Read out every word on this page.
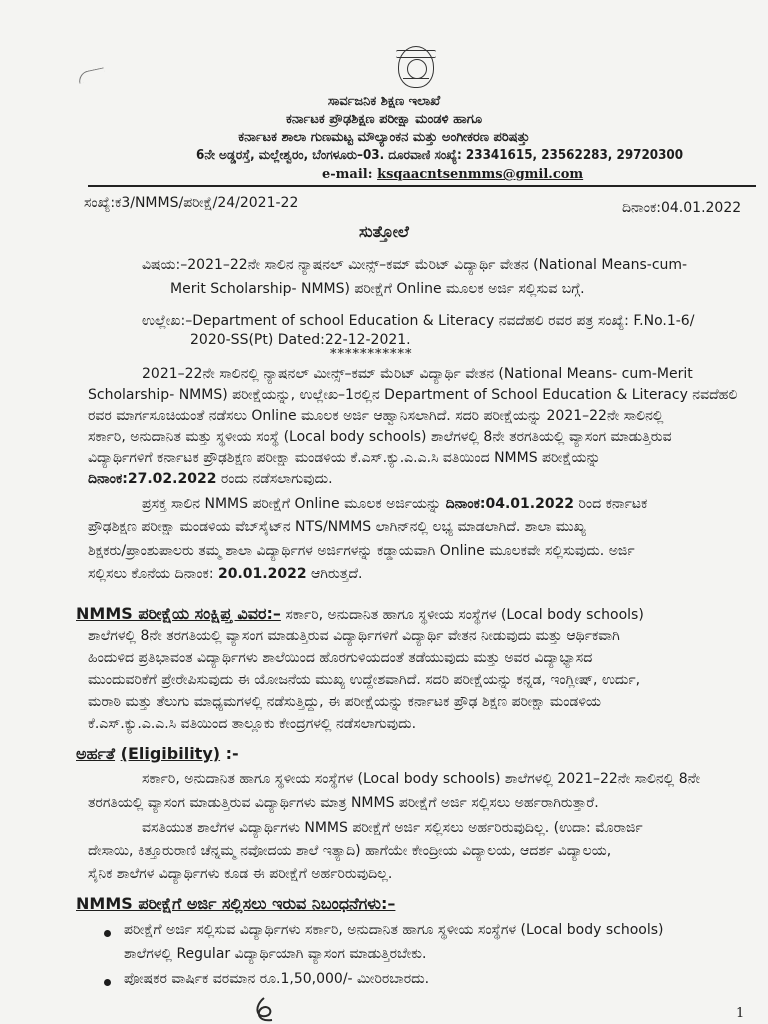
ಸಾರ್ವಜನಿಕ ಶಿಕ್ಷಣ ಇಲಾಖೆ
ಕರ್ನಾಟಕ ಪ್ರೌಢಶಿಕ್ಷಣ ಪರೀಕ್ಷಾ ಮಂಡಳಿ ಹಾಗೂ
ಕರ್ನಾಟಕ ಶಾಲಾ ಗುಣಮಟ್ಟ ಮೌಲ್ಯಾಂಕನ ಮತ್ತು ಅಂಗೀಕರಣ ಪರಿಷತ್ತು
6ನೇ ಅಡ್ಡರಸ್ತೆ, ಮಲ್ಲೇಶ್ವರಂ, ಬೆಂಗಳೂರು–03. ದೂರವಾಣಿ ಸಂಖ್ಯೆ: 23341615, 23562283, 29720300
e-mail: ksqaacntsenmms@gmil.com
ಸಂಖ್ಯೆ:ಕ3/NMMS/ಪರೀಕ್ಷೆ/24/2021-22	ದಿನಾಂಕ:04.01.2022
ಸುತ್ತೋಲೆ
ವಿಷಯ:–2021–22ನೇ ಸಾಲಿನ ನ್ಯಾಷನಲ್ ಮೀನ್ಸ್–ಕಮ್ ಮೆರಿಟ್ ವಿದ್ಯಾರ್ಥಿ ವೇತನ (National Means-cum-
Merit Scholarship- NMMS) ಪರೀಕ್ಷೆಗೆ Online ಮೂಲಕ ಅರ್ಜಿ ಸಲ್ಲಿಸುವ ಬಗ್ಗೆ.
ಉಲ್ಲೇಖ:–Department of school Education & Literacy ನವದೆಹಲಿ ರವರ ಪತ್ರ ಸಂಖ್ಯೆ: F.No.1-6/
2020-SS(Pt) Dated:22-12-2021.
***********
2021–22ನೇ ಸಾಲಿನಲ್ಲಿ ನ್ಯಾಷನಲ್ ಮೀನ್ಸ್–ಕಮ್ ಮೆರಿಟ್ ವಿದ್ಯಾರ್ಥಿ ವೇತನ (National Means- cum-Merit
Scholarship- NMMS) ಪರೀಕ್ಷೆಯನ್ನು, ಉಲ್ಲೇಖ–1ರಲ್ಲಿನ Department of School Education & Literacy ನವದೆಹಲಿ
ರವರ ಮಾರ್ಗಸೂಚಿಯಂತೆ ನಡೆಸಲು Online ಮೂಲಕ ಅರ್ಜಿ ಆಹ್ವಾನಿಸಲಾಗಿದೆ. ಸದರಿ ಪರೀಕ್ಷೆಯನ್ನು 2021–22ನೇ ಸಾಲಿನಲ್ಲಿ
ಸರ್ಕಾರಿ, ಅನುದಾನಿತ ಮತ್ತು ಸ್ಥಳೀಯ ಸಂಸ್ಥೆ (Local body schools) ಶಾಲೆಗಳಲ್ಲಿ 8ನೇ ತರಗತಿಯಲ್ಲಿ ವ್ಯಾಸಂಗ ಮಾಡುತ್ತಿರುವ
ವಿದ್ಯಾರ್ಥಿಗಳಿಗೆ ಕರ್ನಾಟಕ ಪ್ರೌಢಶಿಕ್ಷಣ ಪರೀಕ್ಷಾ ಮಂಡಳಿಯ ಕೆ.ಎಸ್.ಕ್ಯು.ಎ.ಎ.ಸಿ ವತಿಯಿಂದ NMMS ಪರೀಕ್ಷೆಯನ್ನು
ದಿನಾಂಕ:27.02.2022 ರಂದು ನಡೆಸಲಾಗುವುದು.
ಪ್ರಸಕ್ತ ಸಾಲಿನ NMMS ಪರೀಕ್ಷೆಗೆ Online ಮೂಲಕ ಅರ್ಜಿಯನ್ನು ದಿನಾಂಕ:04.01.2022 ರಿಂದ ಕರ್ನಾಟಕ
ಪ್ರೌಢಶಿಕ್ಷಣ ಪರೀಕ್ಷಾ ಮಂಡಳಿಯ ವೆಬ್‌ಸೈಟ್‌ನ NTS/NMMS ಲಾಗಿನ್‌ನಲ್ಲಿ ಲಭ್ಯ ಮಾಡಲಾಗಿದೆ. ಶಾಲಾ ಮುಖ್ಯ
ಶಿಕ್ಷಕರು/ಪ್ರಾಂಶುಪಾಲರು ತಮ್ಮ ಶಾಲಾ ವಿದ್ಯಾರ್ಥಿಗಳ ಅರ್ಜಿಗಳನ್ನು ಕಡ್ಡಾಯವಾಗಿ Online ಮೂಲಕವೇ ಸಲ್ಲಿಸುವುದು. ಅರ್ಜಿ
ಸಲ್ಲಿಸಲು ಕೊನೆಯ ದಿನಾಂಕ: 20.01.2022 ಆಗಿರುತ್ತದೆ.
NMMS ಪರೀಕ್ಷೆಯ ಸಂಕ್ಷಿಪ್ತ ವಿವರ:– ಸರ್ಕಾರಿ, ಅನುದಾನಿತ ಹಾಗೂ ಸ್ಥಳೀಯ ಸಂಸ್ಥೆಗಳ (Local body schools)
ಶಾಲೆಗಳಲ್ಲಿ 8ನೇ ತರಗತಿಯಲ್ಲಿ ವ್ಯಾಸಂಗ ಮಾಡುತ್ತಿರುವ ವಿದ್ಯಾರ್ಥಿಗಳಿಗೆ ವಿದ್ಯಾರ್ಥಿ ವೇತನ ನೀಡುವುದು ಮತ್ತು ಆರ್ಥಿಕವಾಗಿ
ಹಿಂದುಳಿದ ಪ್ರತಿಭಾವಂತ ವಿದ್ಯಾರ್ಥಿಗಳು ಶಾಲೆಯಿಂದ ಹೊರಗುಳಿಯದಂತೆ ತಡೆಯುವುದು ಮತ್ತು ಅವರ ವಿದ್ಯಾಭ್ಯಾಸದ
ಮುಂದುವರಿಕೆಗೆ ಪ್ರೇರೇಪಿಸುವುದು ಈ ಯೋಜನೆಯ ಮುಖ್ಯ ಉದ್ದೇಶವಾಗಿದೆ. ಸದರಿ ಪರೀಕ್ಷೆಯನ್ನು ಕನ್ನಡ, ಇಂಗ್ಲೀಷ್, ಉರ್ದು,
ಮರಾಠಿ ಮತ್ತು ತೆಲುಗು ಮಾಧ್ಯಮಗಳಲ್ಲಿ ನಡೆಸುತ್ತಿದ್ದು, ಈ ಪರೀಕ್ಷೆಯನ್ನು ಕರ್ನಾಟಕ ಪ್ರೌಢ ಶಿಕ್ಷಣ ಪರೀಕ್ಷಾ ಮಂಡಳಿಯ
ಕೆ.ಎಸ್.ಕ್ಯು.ಎ.ಎ.ಸಿ ವತಿಯಿಂದ ತಾಲ್ಲೂಕು ಕೇಂದ್ರಗಳಲ್ಲಿ ನಡೆಸಲಾಗುವುದು.
ಅರ್ಹತೆ (Eligibility) :-
ಸರ್ಕಾರಿ, ಅನುದಾನಿತ ಹಾಗೂ ಸ್ಥಳೀಯ ಸಂಸ್ಥೆಗಳ (Local body schools) ಶಾಲೆಗಳಲ್ಲಿ 2021–22ನೇ ಸಾಲಿನಲ್ಲಿ 8ನೇ
ತರಗತಿಯಲ್ಲಿ ವ್ಯಾಸಂಗ ಮಾಡುತ್ತಿರುವ ವಿದ್ಯಾರ್ಥಿಗಳು ಮಾತ್ರ NMMS ಪರೀಕ್ಷೆಗೆ ಅರ್ಜಿ ಸಲ್ಲಿಸಲು ಅರ್ಹರಾಗಿರುತ್ತಾರೆ.
ವಸತಿಯುತ ಶಾಲೆಗಳ ವಿದ್ಯಾರ್ಥಿಗಳು NMMS ಪರೀಕ್ಷೆಗೆ ಅರ್ಜಿ ಸಲ್ಲಿಸಲು ಅರ್ಹರಿರುವುದಿಲ್ಲ. (ಉದಾ: ಮೊರಾರ್ಜಿ
ದೇಸಾಯಿ, ಕಿತ್ತೂರುರಾಣಿ ಚೆನ್ನಮ್ಮ ನವೋದಯ ಶಾಲೆ ಇತ್ಯಾದಿ) ಹಾಗೆಯೇ ಕೇಂದ್ರೀಯ ವಿದ್ಯಾಲಯ, ಆದರ್ಶ ವಿದ್ಯಾಲಯ,
ಸೈನಿಕ ಶಾಲೆಗಳ ವಿದ್ಯಾರ್ಥಿಗಳು ಕೂಡ ಈ ಪರೀಕ್ಷೆಗೆ ಅರ್ಹರಿರುವುದಿಲ್ಲ.
NMMS ಪರೀಕ್ಷೆಗೆ ಅರ್ಜಿ ಸಲ್ಲಿಸಲು ಇರುವ ನಿಬಂಧನೆಗಳು:–
ಪರೀಕ್ಷೆಗೆ ಅರ್ಜಿ ಸಲ್ಲಿಸುವ ವಿದ್ಯಾರ್ಥಿಗಳು ಸರ್ಕಾರಿ, ಅನುದಾನಿತ ಹಾಗೂ ಸ್ಥಳೀಯ ಸಂಸ್ಥೆಗಳ (Local body schools)
ಶಾಲೆಗಳಲ್ಲಿ Regular ವಿದ್ಯಾರ್ಥಿಯಾಗಿ ವ್ಯಾಸಂಗ ಮಾಡುತ್ತಿರಬೇಕು.
ಪೋಷಕರ ವಾರ್ಷಿಕ ವರಮಾನ ರೂ.1,50,000/- ಮೀರಿರಬಾರದು.
1
